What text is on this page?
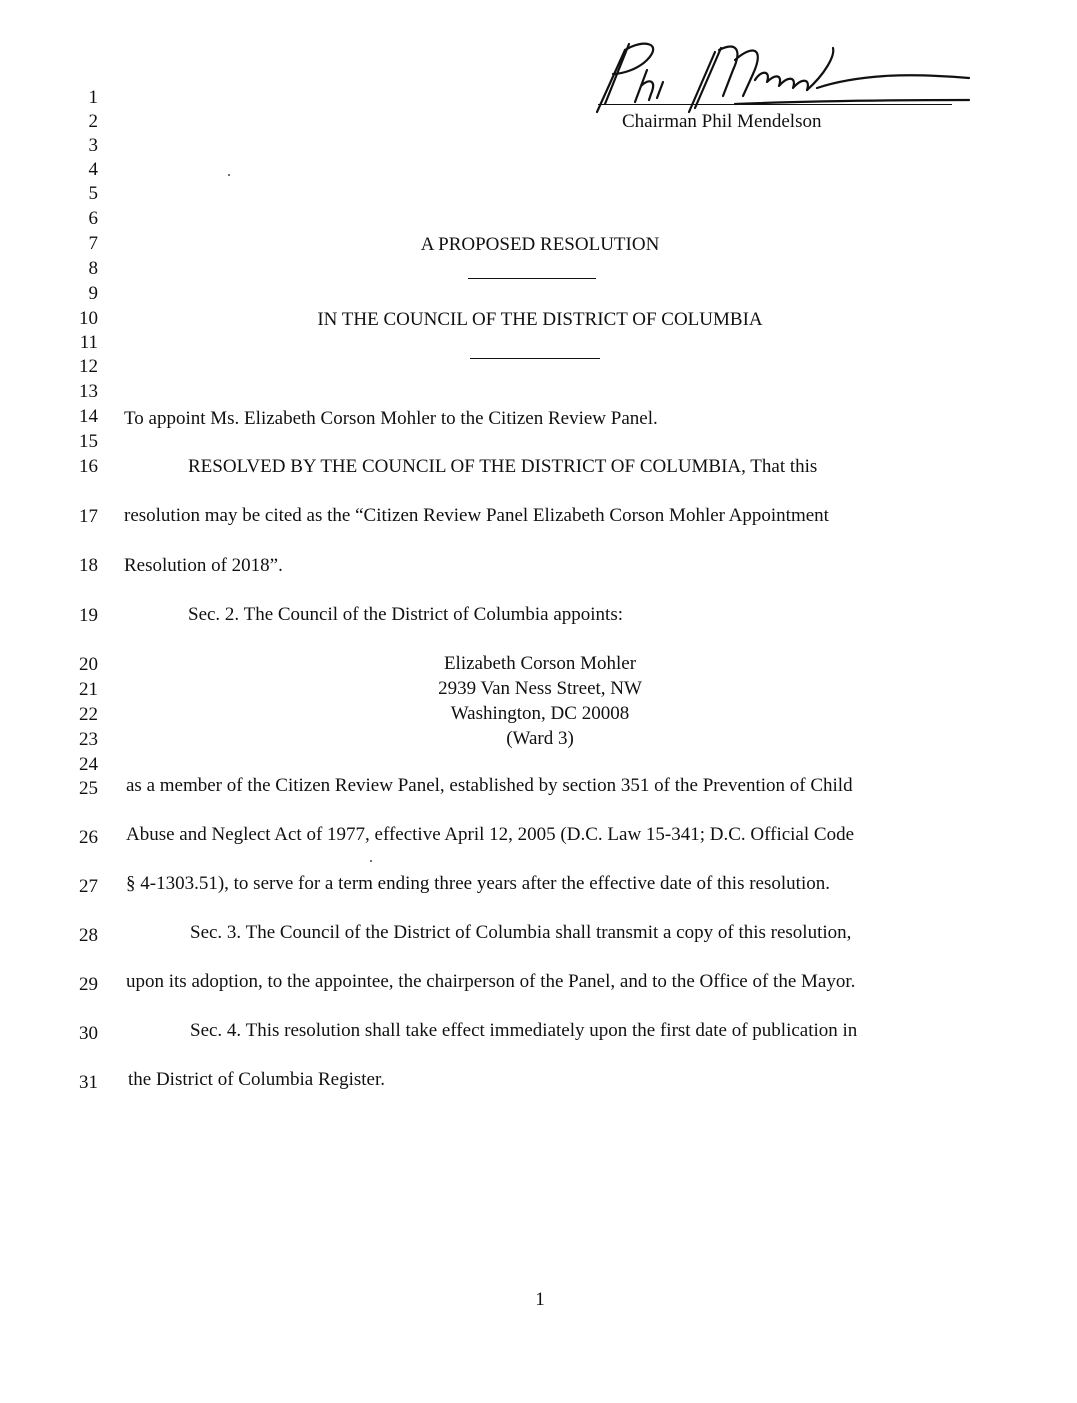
Chairman Phil Mendelson
1
2
3
4
5
6
7
8
9
10
11
12
13
14
15
16
17
18
19
20
21
22
23
24
25
26
27
28
29
30
31
A PROPOSED RESOLUTION
IN THE COUNCIL OF THE DISTRICT OF COLUMBIA
To appoint Ms. Elizabeth Corson Mohler to the Citizen Review Panel.
RESOLVED BY THE COUNCIL OF THE DISTRICT OF COLUMBIA, That this
resolution may be cited as the “Citizen Review Panel Elizabeth Corson Mohler Appointment
Resolution of 2018”.
Sec. 2. The Council of the District of Columbia appoints:
Elizabeth Corson Mohler
2939 Van Ness Street, NW
Washington, DC 20008
(Ward 3)
as a member of the Citizen Review Panel, established by section 351 of the Prevention of Child
Abuse and Neglect Act of 1977, effective April 12, 2005 (D.C. Law 15-341; D.C. Official Code
§ 4-1303.51), to serve for a term ending three years after the effective date of this resolution.
Sec. 3. The Council of the District of Columbia shall transmit a copy of this resolution,
upon its adoption, to the appointee, the chairperson of the Panel, and to the Office of the Mayor.
Sec. 4. This resolution shall take effect immediately upon the first date of publication in
the District of Columbia Register.
1
